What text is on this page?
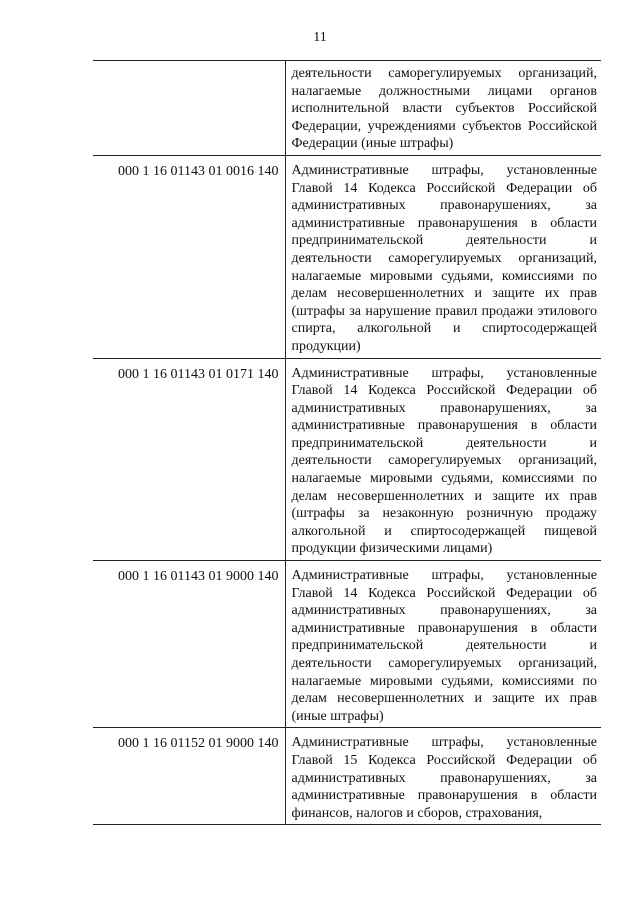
11
	деятельности саморегулируемых организаций, налагаемые должностными лицами органов исполнительной власти субъектов Российской Федерации, учреждениями субъектов Российской Федерации (иные штрафы)
000 1 16 01143 01 0016 140	Административные штрафы, установленные Главой 14 Кодекса Российской Федерации об административных правонарушениях, за административные правонарушения в области предпринимательской деятельности и деятельности саморегулируемых организаций, налагаемые мировыми судьями, комиссиями по делам несовершеннолетних и защите их прав (штрафы за нарушение правил продажи этилового спирта, алкогольной и спиртосодержащей продукции)
000 1 16 01143 01 0171 140	Административные штрафы, установленные Главой 14 Кодекса Российской Федерации об административных правонарушениях, за административные правонарушения в области предпринимательской деятельности и деятельности саморегулируемых организаций, налагаемые мировыми судьями, комиссиями по делам несовершеннолетних и защите их прав (штрафы за незаконную розничную продажу алкогольной и спиртосодержащей пищевой продукции физическими лицами)
000 1 16 01143 01 9000 140	Административные штрафы, установленные Главой 14 Кодекса Российской Федерации об административных правонарушениях, за административные правонарушения в области предпринимательской деятельности и деятельности саморегулируемых организаций, налагаемые мировыми судьями, комиссиями по делам несовершеннолетних и защите их прав (иные штрафы)
000 1 16 01152 01 9000 140	Административные штрафы, установленные Главой 15 Кодекса Российской Федерации об административных правонарушениях, за административные правонарушения в области финансов, налогов и сборов, страхования,
